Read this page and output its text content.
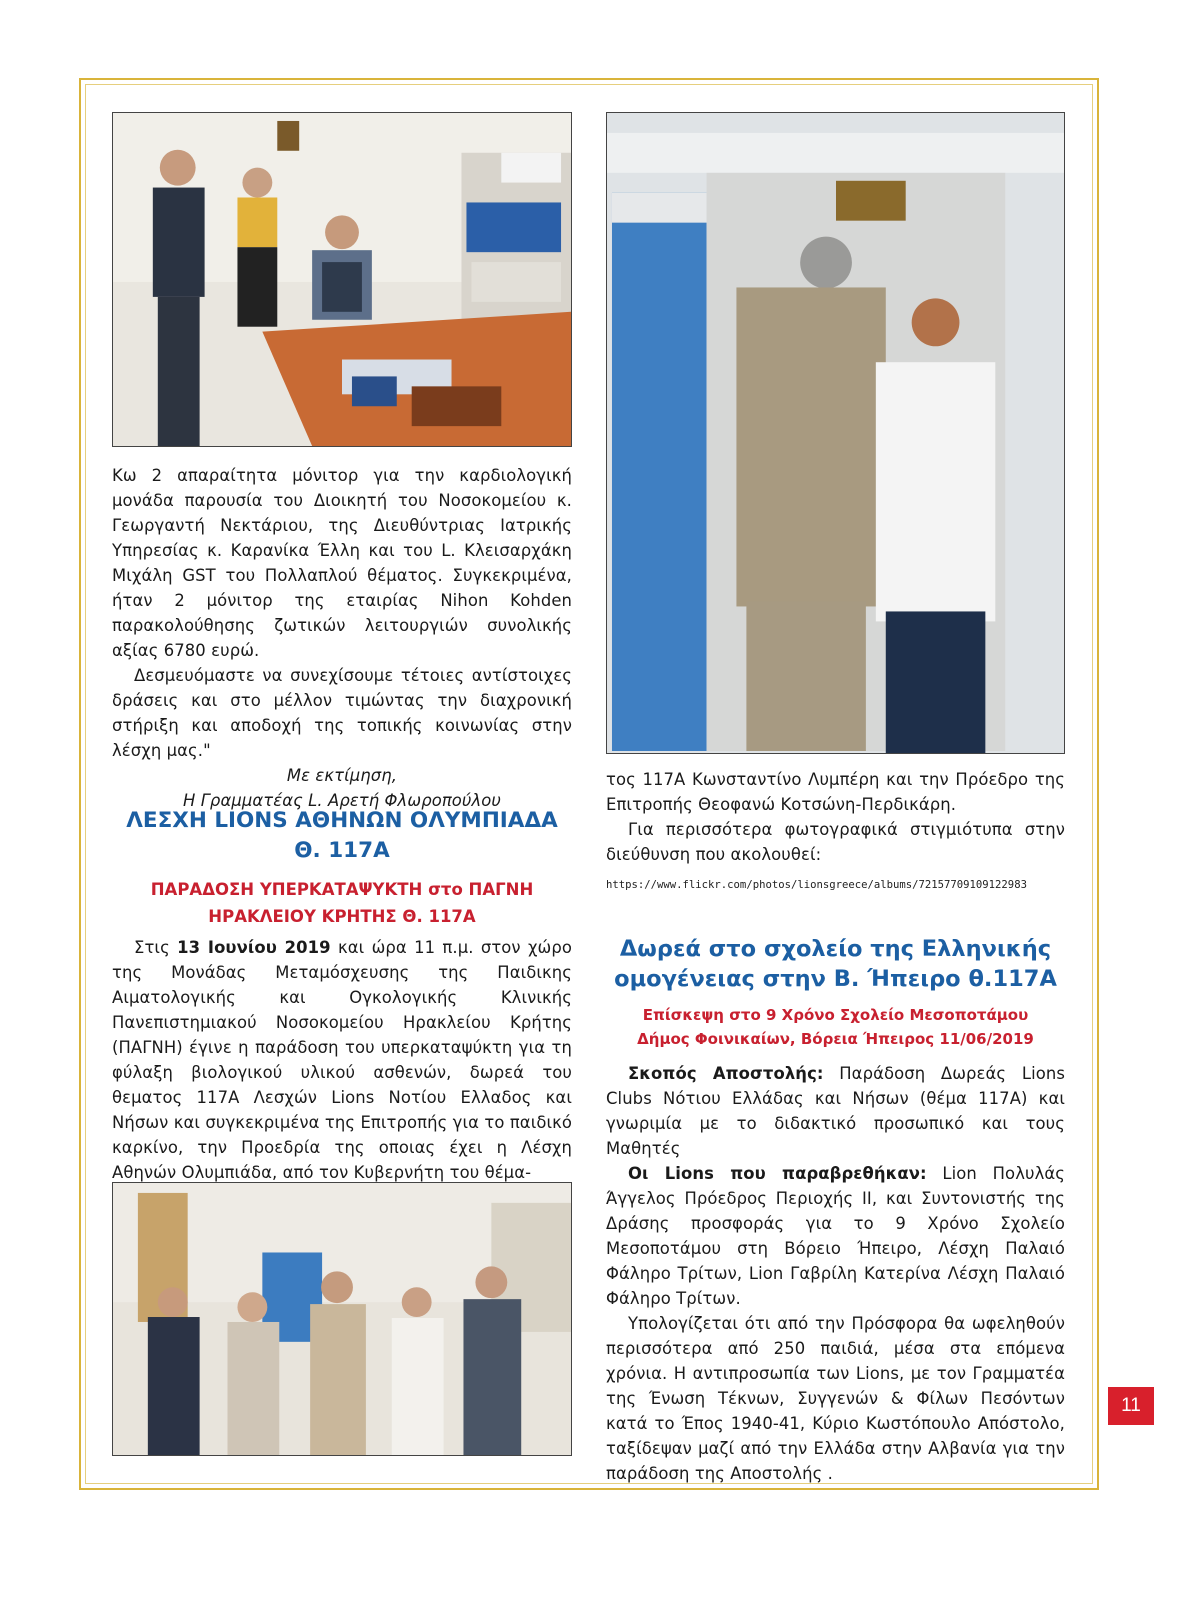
Κω 2 απαραίτητα μόνιτορ για την καρδιολογική μονάδα παρουσία του Διοικητή του Νοσοκομείου κ. Γεωργαντή Νεκτάριου, της Διευθύντριας Ιατρικής Υπηρεσίας κ. Καρανίκα Έλλη και του L. Κλεισαρχάκη Μιχάλη GST του Πολλαπλού θέματος. Συγκεκριμένα, ήταν 2 μόνιτορ της εταιρίας Nihon Kohden παρακολούθησης ζωτικών λειτουργιών συνολικής αξίας 6780 ευρώ.

Δεσμευόμαστε να συνεχίσουμε τέτοιες αντίστοιχες δράσεις και στο μέλλον τιμώντας την διαχρονική στήριξη και αποδοχή της τοπικής κοινωνίας στην λέσχη μας."

Με εκτίμηση,

Η Γραμματέας L. Αρετή Φλωροπούλου

ΛΕΣΧΗ LIONS ΑΘΗΝΩΝ ΟΛΥΜΠΙΑΔΑ
Θ. 117Α
ΠΑΡΑΔΟΣΗ ΥΠΕΡΚΑΤΑΨΥΚΤΗ στο ΠΑΓΝΗ
ΗΡΑΚΛΕΙΟΥ ΚΡΗΤΗΣ Θ. 117Α

Στις 13 Ιουνίου 2019 και ώρα 11 π.μ. στον χώρο της Μονάδας Μεταμόσχευσης της Παιδικης Αιματολογικής και Ογκολογικής Κλινικής Πανεπιστημιακού Νοσοκομείου Ηρακλείου Κρήτης (ΠΑΓΝΗ) έγινε η παράδοση του υπερκαταψύκτη για τη φύλαξη βιολογικού υλικού ασθενών, δωρεά του θεματος 117Α Λεσχών Lions Νοτίου Ελλαδος και Νήσων και συγκεκριμένα της Επιτροπής για το παιδικό καρκίνο, την Προεδρία της οποιας έχει η Λέσχη Αθηνών Ολυμπιάδα, από τον Κυβερνήτη του θέμα-

τος 117Α Κωνσταντίνο Λυμπέρη και την Πρόεδρο της Επιτροπής Θεοφανώ Κοτσώνη-Περδικάρη.

Για περισσότερα φωτογραφικά στιγμιότυπα στην διεύθυνση που ακολουθεί:

https://www.flickr.com/photos/lionsgreece/albums/72157709109122983
Δωρεά στο σχολείο της Ελληνικής
ομογένειας στην Β. Ήπειρο θ.117Α
Επίσκεψη στο 9 Χρόνο Σχολείο Μεσοποτάμου
Δήμος Φοινικαίων, Βόρεια Ήπειρος 11/06/2019

Σκοπός Αποστολής: Παράδοση Δωρεάς Lions Clubs Νότιου Ελλάδας και Νήσων (θέμα 117Α) και γνωριμία με το διδακτικό προσωπικό και τους Μαθητές

Οι Lions που παραβρεθήκαν: Lion Πολυλάς Άγγελος Πρόεδρος Περιοχής ΙΙ, και Συντονιστής της Δράσης προσφοράς για το 9 Χρόνο Σχολείο Μεσοποτάμου στη Βόρειο Ήπειρο, Λέσχη Παλαιό Φάληρο Τρίτων, Lion Γαβρίλη Κατερίνα Λέσχη Παλαιό Φάληρο Τρίτων.

Υπολογίζεται ότι από την Πρόσφορα θα ωφεληθούν περισσότερα από 250 παιδιά, μέσα στα επόμενα χρόνια. Η αντιπροσωπία των Lions, με τον Γραμματέα της Ένωση Τέκνων, Συγγενών & Φίλων Πεσόντων κατά το Έπος 1940-41, Κύριο Κωστόπουλο Απόστολο, ταξίδεψαν μαζί από την Ελλάδα στην Αλβανία για την παράδοση της Αποστολής .

11
